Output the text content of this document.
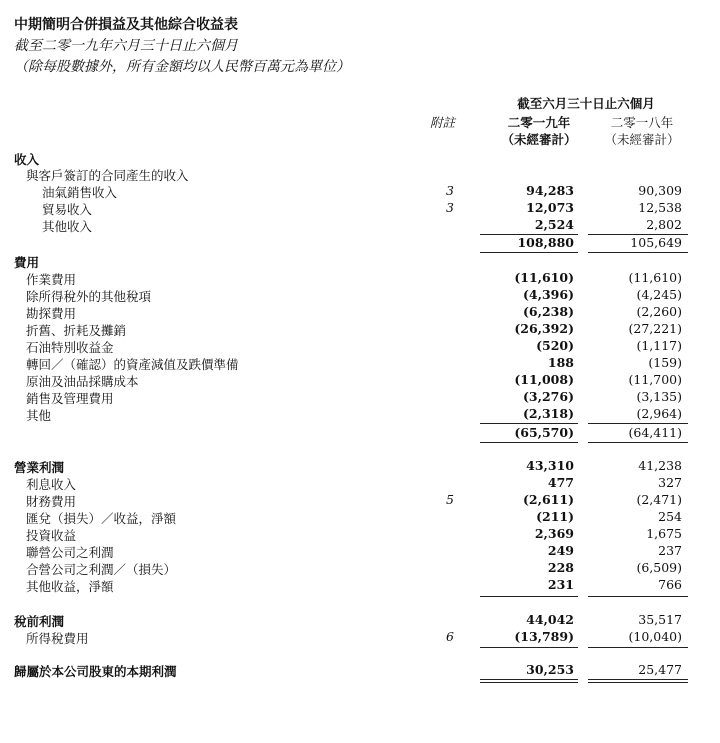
中期簡明合併損益及其他綜合收益表
截至二零一九年六月三十日止六個月
（除每股數據外，所有金額均以人民幣百萬元為單位）
截至六月三十日止六個月
附註	二零一九年
（未經審計）
二零一八年
（未經審計）
收入
與客戶簽訂的合同產生的收入
油氣銷售收入	3	94,283	90,309
貿易收入	3	12,073	12,538
其他收入	2,524	2,802
108,880	105,649
費用
作業費用	(11,610)	(11,610)
除所得稅外的其他稅項	(4,396)	(4,245)
勘探費用	(6,238)	(2,260)
折舊、折耗及攤銷	(26,392)	(27,221)
石油特別收益金	(520)	(1,117)
轉回／（確認）的資產減值及跌價準備	188	(159)
原油及油品採購成本	(11,008)	(11,700)
銷售及管理費用	(3,276)	(3,135)
其他	(2,318)	(2,964)
(65,570)	(64,411)
營業利潤	43,310	41,238
利息收入	477	327
財務費用	5	(2,611)	(2,471)
匯兌（損失）／收益，淨額	(211)	254
投資收益	2,369	1,675
聯營公司之利潤	249	237
合營公司之利潤／（損失）	228	(6,509)
其他收益，淨額	231	766
稅前利潤	44,042	35,517
所得稅費用	6	(13,789)	(10,040)
歸屬於本公司股東的本期利潤	30,253	25,477
